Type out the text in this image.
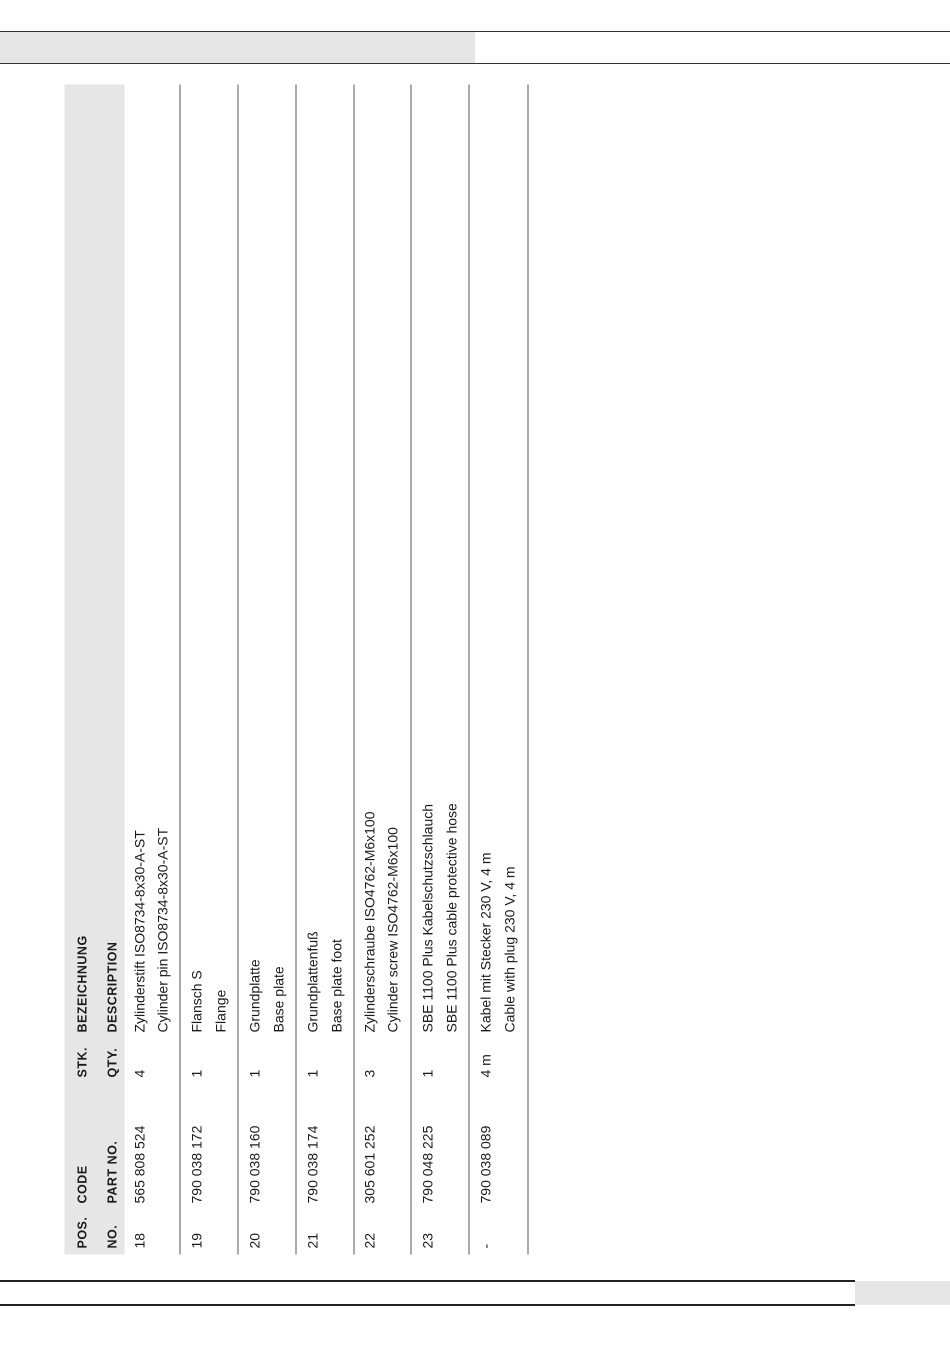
POS. NO.
CODE PART NO.
STK. QTY.
BEZEICHNUNG DESCRIPTION
18
565 808 524
4
Zylinderstift ISO8734-8x30-A-ST Cylinder pin ISO8734-8x30-A-ST
19
790 038 172
1
Flansch S Flange
20
790 038 160
1
Grundplatte Base plate
21
790 038 174
1
Grundplattenfuß Base plate foot
22
305 601 252
3
Zylinderschraube ISO4762-M6x100 Cylinder screw ISO4762-M6x100
23
790 048 225
1
SBE 1100 Plus Kabelschutzschlauch SBE 1100 Plus cable protective hose
-
790 038 089
4 m
Kabel mit Stecker 230 V, 4 m Cable with plug 230 V, 4 m
